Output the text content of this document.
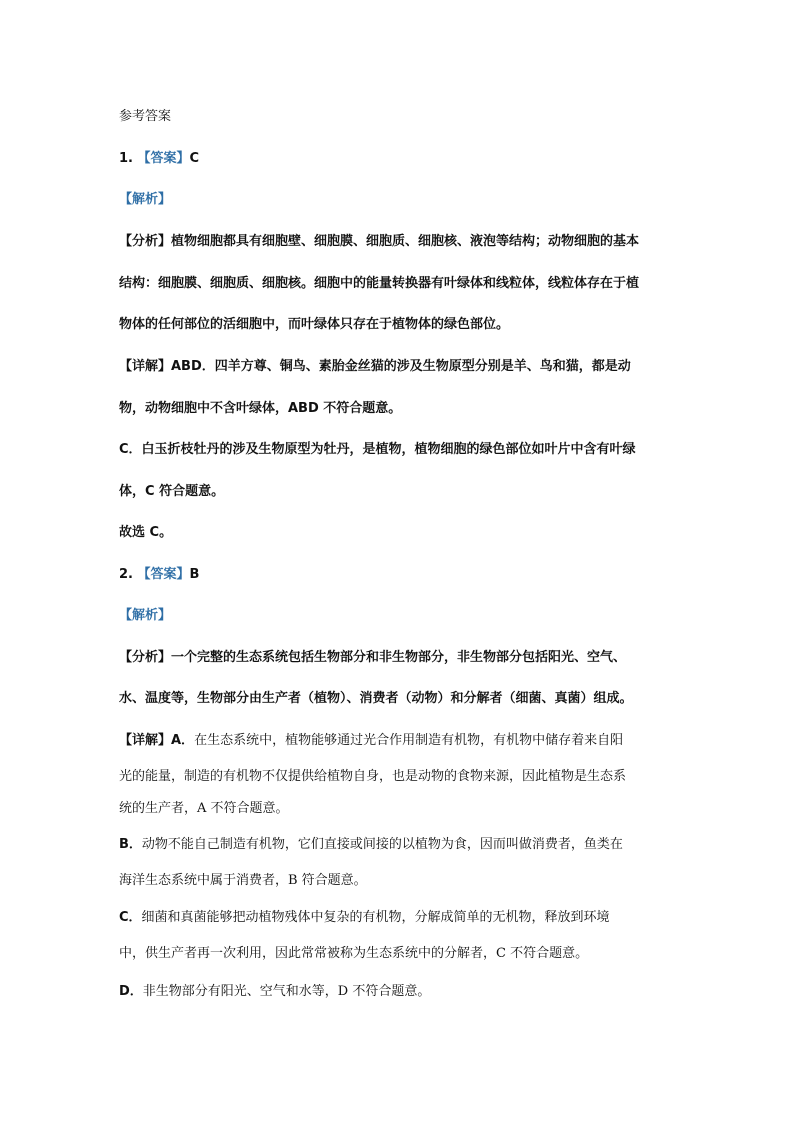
参考答案
1. 【答案】C
【解析】
【分析】植物细胞都具有细胞壁、细胞膜、细胞质、细胞核、液泡等结构；动物细胞的基本
结构：细胞膜、细胞质、细胞核。细胞中的能量转换器有叶绿体和线粒体，线粒体存在于植
物体的任何部位的活细胞中，而叶绿体只存在于植物体的绿色部位。
【详解】ABD．四羊方尊、铜鸟、素胎金丝猫的涉及生物原型分别是羊、鸟和猫，都是动
物，动物细胞中不含叶绿体，ABD 不符合题意。
C．白玉折枝牡丹的涉及生物原型为牡丹，是植物，植物细胞的绿色部位如叶片中含有叶绿
体，C 符合题意。
故选 C。
2. 【答案】B
【解析】
【分析】一个完整的生态系统包括生物部分和非生物部分，非生物部分包括阳光、空气、
水、温度等，生物部分由生产者（植物）、消费者（动物）和分解者（细菌、真菌）组成。
【详解】A．在生态系统中，植物能够通过光合作用制造有机物，有机物中储存着来自阳
光的能量，制造的有机物不仅提供给植物自身，也是动物的食物来源，因此植物是生态系
统的生产者，A 不符合题意。
B．动物不能自己制造有机物，它们直接或间接的以植物为食，因而叫做消费者，鱼类在
海洋生态系统中属于消费者，B 符合题意。
C．细菌和真菌能够把动植物残体中复杂的有机物，分解成简单的无机物，释放到环境
中，供生产者再一次利用，因此常常被称为生态系统中的分解者，C 不符合题意。
D．非生物部分有阳光、空气和水等，D 不符合题意。
